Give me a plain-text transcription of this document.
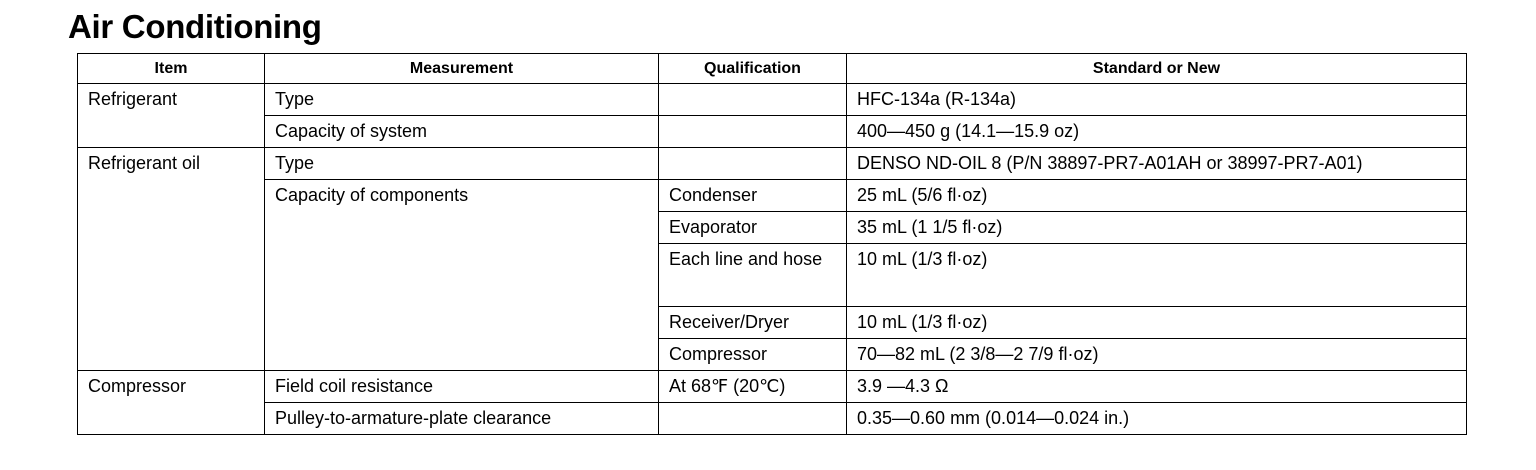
Air Conditioning
Item	Measurement	Qualification	Standard or New
Refrigerant	Type		HFC-134a (R-134a)
	Capacity of system		400—450 g (14.1—15.9 oz)
Refrigerant oil	Type		DENSO ND-OIL 8 (P/N 38897-PR7-A01AH or 38997-PR7-A01)
	Capacity of components	Condenser	25 mL (5/6 fl·oz)
		Evaporator	35 mL (1 1/5 fl·oz)
		Each line and hose	10 mL (1/3 fl·oz)
		Receiver/Dryer	10 mL (1/3 fl·oz)
		Compressor	70—82 mL (2 3/8—2 7/9 fl·oz)
Compressor	Field coil resistance	At 68℉ (20℃)	3.9 —4.3 Ω
	Pulley-to-armature-plate clearance		0.35—0.60 mm (0.014—0.024 in.)
